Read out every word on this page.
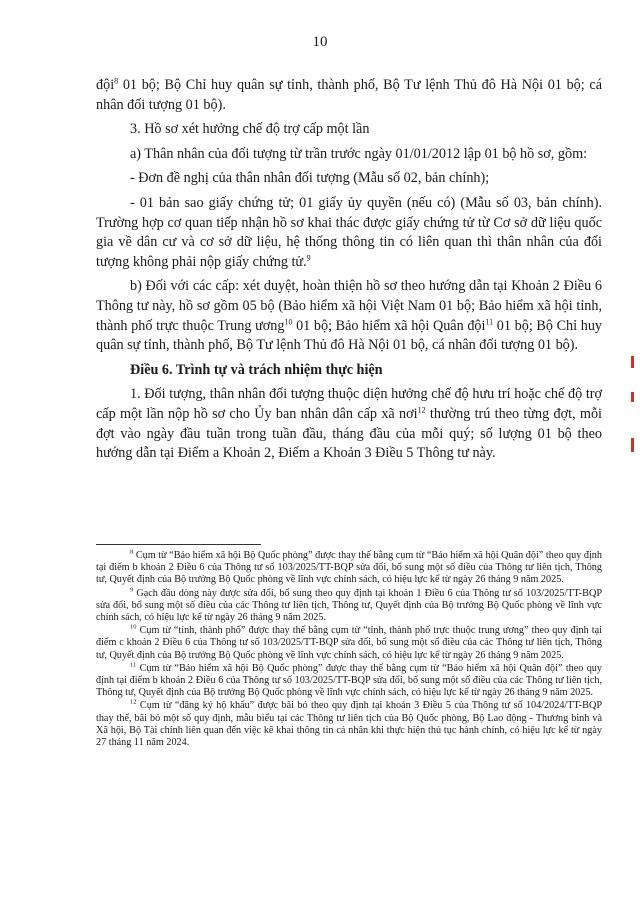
10

đội$^8$ 01 bộ; Bộ Chỉ huy quân sự tỉnh, thành phố, Bộ Tư lệnh Thủ đô Hà Nội 01 bộ; cá nhân đối tượng 01 bộ).

3. Hồ sơ xét hưởng chế độ trợ cấp một lần

a) Thân nhân của đối tượng từ trần trước ngày 01/01/2012 lập 01 bộ hồ sơ, gồm:

- Đơn đề nghị của thân nhân đối tượng (Mẫu số 02, bản chính);

- 01 bản sao giấy chứng tử; 01 giấy ủy quyền (nếu có) (Mẫu số 03, bản chính). Trường hợp cơ quan tiếp nhận hồ sơ khai thác được giấy chứng tử từ Cơ sở dữ liệu quốc gia về dân cư và cơ sở dữ liệu, hệ thống thông tin có liên quan thì thân nhân của đối tượng không phải nộp giấy chứng tử.$^9$

b) Đối với các cấp: xét duyệt, hoàn thiện hồ sơ theo hướng dẫn tại Khoản 2 Điều 6 Thông tư này, hồ sơ gồm 05 bộ (Bảo hiểm xã hội Việt Nam 01 bộ; Bảo hiểm xã hội tỉnh, thành phố trực thuộc Trung ương$^{10}$ 01 bộ; Bảo hiểm xã hội Quân đội$^{11}$ 01 bộ; Bộ Chỉ huy quân sự tỉnh, thành phố, Bộ Tư lệnh Thủ đô Hà Nội 01 bộ, cá nhân đối tượng 01 bộ).

Điều 6. Trình tự và trách nhiệm thực hiện

1. Đối tượng, thân nhân đối tượng thuộc diện hưởng chế độ hưu trí hoặc chế độ trợ cấp một lần nộp hồ sơ cho Ủy ban nhân dân cấp xã nơi$^{12}$ thường trú theo từng đợt, mỗi đợt vào ngày đầu tuần trong tuần đầu, tháng đầu của mỗi quý; số lượng 01 bộ theo hướng dẫn tại Điểm a Khoản 2, Điểm a Khoản 3 Điều 5 Thông tư này.

$^8$ Cụm từ “Bảo hiểm xã hội Bộ Quốc phòng” được thay thế bằng cụm từ “Bảo hiểm xã hội Quân đội” theo quy định tại điểm b khoản 2 Điều 6 của Thông tư số 103/2025/TT-BQP sửa đổi, bổ sung một số điều của Thông tư liên tịch, Thông tư, Quyết định của Bộ trưởng Bộ Quốc phòng về lĩnh vực chính sách, có hiệu lực kể từ ngày 26 tháng 9 năm 2025.

$^9$ Gạch đầu dòng này được sửa đổi, bổ sung theo quy định tại khoản 1 Điều 6 của Thông tư số 103/2025/TT-BQP sửa đổi, bổ sung một số điều của các Thông tư liên tịch, Thông tư, Quyết định của Bộ trưởng Bộ Quốc phòng về lĩnh vực chính sách, có hiệu lực kể từ ngày 26 tháng 9 năm 2025.

$^{10}$ Cụm từ “tỉnh, thành phố” được thay thế bằng cụm từ “tỉnh, thành phố trực thuộc trung ương” theo quy định tại điểm c khoản 2 Điều 6 của Thông tư số 103/2025/TT-BQP sửa đổi, bổ sung một số điều của các Thông tư liên tịch, Thông tư, Quyết định của Bộ trưởng Bộ Quốc phòng về lĩnh vực chính sách, có hiệu lực kể từ ngày 26 tháng 9 năm 2025.

$^{11}$ Cụm từ “Bảo hiểm xã hội Bộ Quốc phòng” được thay thế bằng cụm từ “Bảo hiểm xã hội Quân đội” theo quy định tại điểm b khoản 2 Điều 6 của Thông tư số 103/2025/TT-BQP sửa đổi, bổ sung một số điều của các Thông tư liên tịch, Thông tư, Quyết định của Bộ trưởng Bộ Quốc phòng về lĩnh vực chính sách, có hiệu lực kể từ ngày 26 tháng 9 năm 2025.

$^{12}$ Cụm từ “đăng ký hộ khẩu” được bãi bỏ theo quy định tại khoản 3 Điều 5 của Thông tư số 104/2024/TT-BQP thay thế, bãi bỏ một số quy định, mẫu biểu tại các Thông tư liên tịch của Bộ Quốc phòng, Bộ Lao động - Thương binh và Xã hội, Bộ Tài chính liên quan đến việc kê khai thông tin cá nhân khi thực hiện thủ tục hành chính, có hiệu lực kể từ ngày 27 tháng 11 năm 2024.
